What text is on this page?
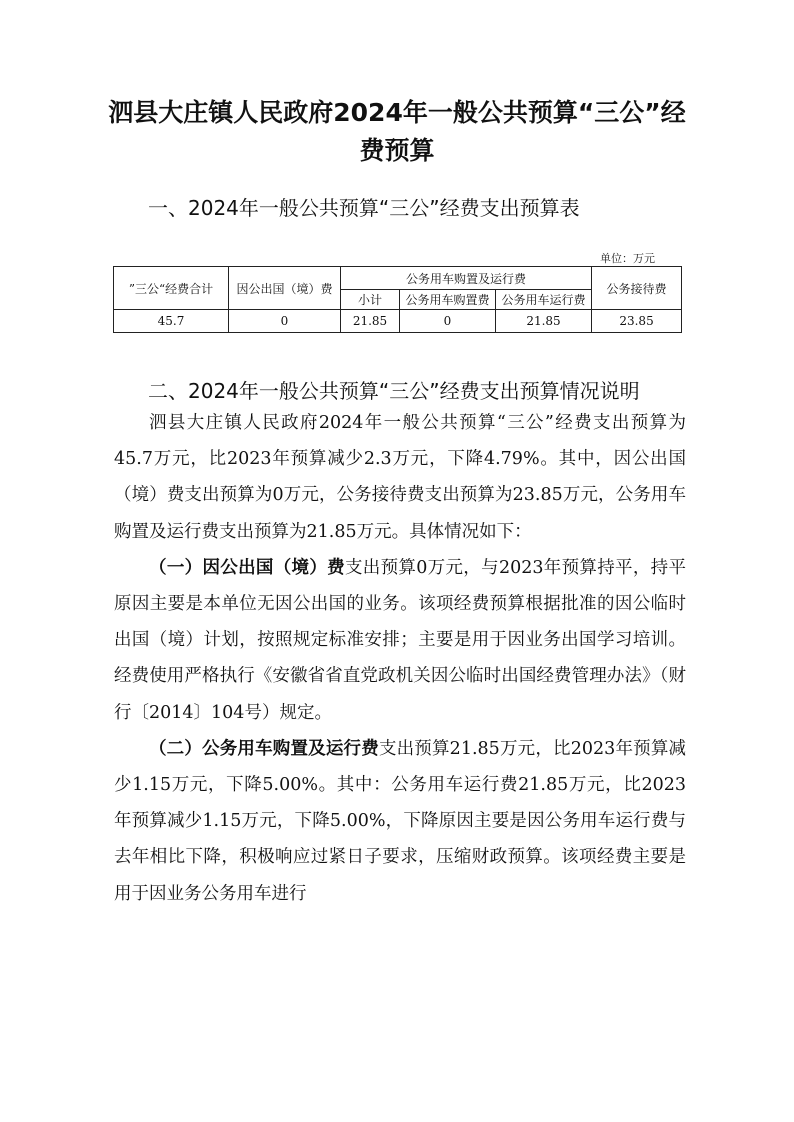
泗县大庄镇人民政府2024年一般公共预算“三公”经
费预算
一、2024年一般公共预算“三公”经费支出预算表
单位：万元
”三公“经费合计	因公出国（境）费	公务用车购置及运行费			公务接待费
		小计	公务用车购置费	公务用车运行费	
45.7	0	21.85	0	21.85	23.85
二、2024年一般公共预算“三公”经费支出预算情况说明

泗县大庄镇人民政府2024年一般公共预算“三公”经费支出预算为45.7万元，比2023年预算减少2.3万元，下降4.79%。其中，因公出国（境）费支出预算为0万元，公务接待费支出预算为23.85万元，公务用车购置及运行费支出预算为21.85万元。具体情况如下：

（一）因公出国（境）费支出预算0万元，与2023年预算持平，持平原因主要是本单位无因公出国的业务。该项经费预算根据批准的因公临时出国（境）计划，按照规定标准安排；主要是用于因业务出国学习培训。经费使用严格执行《安徽省省直党政机关因公临时出国经费管理办法》（财行〔2014〕104号）规定。

（二）公务用车购置及运行费支出预算21.85万元，比2023年预算减少1.15万元，下降5.00%。其中：公务用车运行费21.85万元，比2023年预算减少1.15万元，下降5.00%，下降原因主要是因公务用车运行费与去年相比下降，积极响应过紧日子要求，压缩财政预算。该项经费主要是用于因业务公务用车进行
